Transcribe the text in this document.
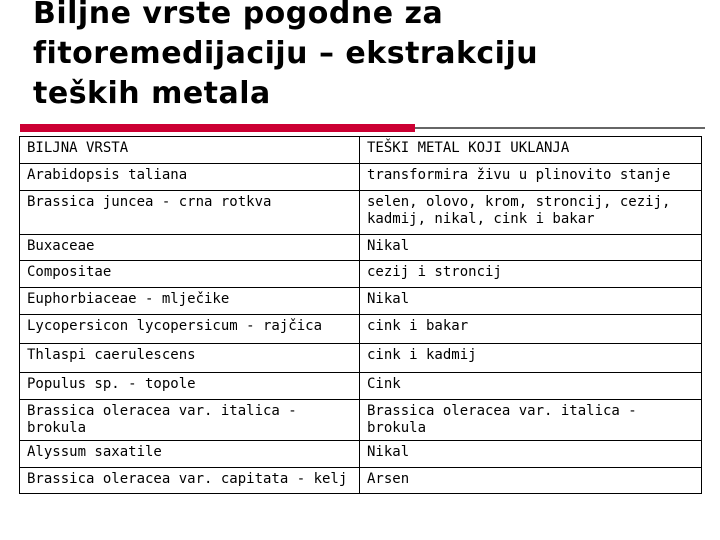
Biljne vrste pogodne za
fitoremedijaciju – ekstrakciju
teških metala
BILJNA VRSTA	TEŠKI METAL KOJI UKLANJA
Arabidopsis taliana	transformira živu u plinovito stanje
Brassica juncea - crna rotkva	selen, olovo, krom, stroncij, cezij, kadmij, nikal, cink i bakar
Buxaceae	Nikal
Compositae	cezij i stroncij
Euphorbiaceae - mlječike	Nikal
Lycopersicon lycopersicum - rajčica	cink i bakar
Thlaspi caerulescens	cink i kadmij
Populus sp. - topole	Cink
Brassica oleracea var. italica - brokula	Brassica oleracea var. italica - brokula
Alyssum saxatile	Nikal
Brassica oleracea var. capitata - kelj	Arsen
